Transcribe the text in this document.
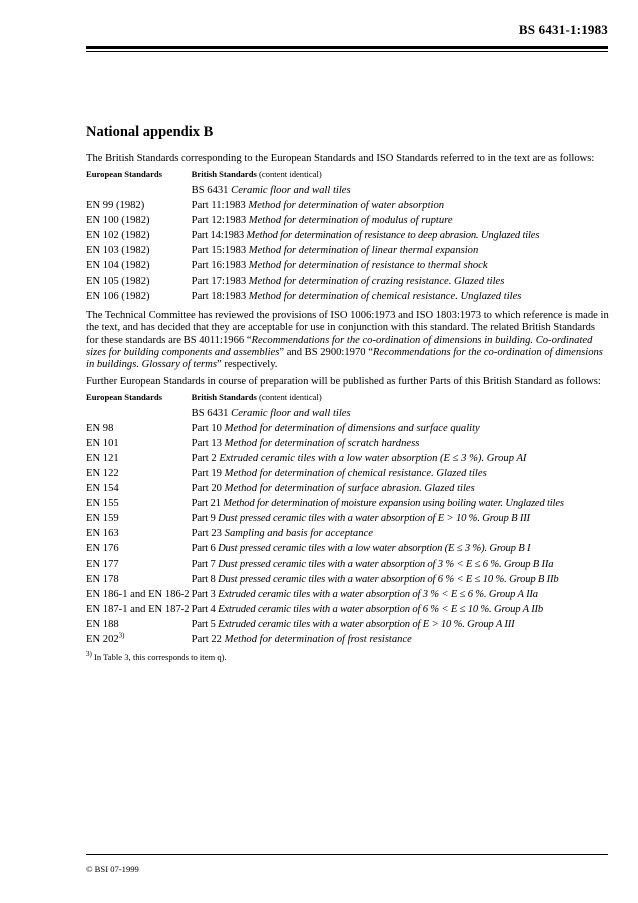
BS 6431-1:1983
National appendix B

The British Standards corresponding to the European Standards and ISO Standards referred to in the text are as follows:

European Standards	British Standards (content identical)
	BS 6431 Ceramic floor and wall tiles
EN 99 (1982)	Part 11:1983 Method for determination of water absorption
EN 100 (1982)	Part 12:1983 Method for determination of modulus of rupture
EN 102 (1982)	Part 14:1983 Method for determination of resistance to deep abrasion. Unglazed tiles
EN 103 (1982)	Part 15:1983 Method for determination of linear thermal expansion
EN 104 (1982)	Part 16:1983 Method for determination of resistance to thermal shock
EN 105 (1982)	Part 17:1983 Method for determination of crazing resistance. Glazed tiles
EN 106 (1982)	Part 18:1983 Method for determination of chemical resistance. Unglazed tiles

The Technical Committee has reviewed the provisions of ISO 1006:1973 and ISO 1803:1973 to which reference is made in the text, and has decided that they are acceptable for use in conjunction with this standard. The related British Standards for these standards are BS 4011:1966 “Recommendations for the co-ordination of dimensions in building. Co-ordinated sizes for building components and assemblies” and BS 2900:1970 “Recommendations for the co-ordination of dimensions in buildings. Glossary of terms” respectively.

Further European Standards in course of preparation will be published as further Parts of this British Standard as follows:

European Standards	British Standards (content identical)
	BS 6431 Ceramic floor and wall tiles
EN 98	Part 10 Method for determination of dimensions and surface quality
EN 101	Part 13 Method for determination of scratch hardness
EN 121	Part 2 Extruded ceramic tiles with a low water absorption (E ≤ 3 %). Group AI
EN 122	Part 19 Method for determination of chemical resistance. Glazed tiles
EN 154	Part 20 Method for determination of surface abrasion. Glazed tiles
EN 155	Part 21 Method for determination of moisture expansion using boiling water. Unglazed tiles
EN 159	Part 9 Dust pressed ceramic tiles with a water absorption of E > 10 %. Group B III
EN 163	Part 23 Sampling and basis for acceptance
EN 176	Part 6 Dust pressed ceramic tiles with a low water absorption (E ≤ 3 %). Group B I
EN 177	Part 7 Dust pressed ceramic tiles with a water absorption of 3 % < E ≤ 6 %. Group B IIa
EN 178	Part 8 Dust pressed ceramic tiles with a water absorption of 6 % < E ≤ 10 %. Group B IIb
EN 186-1 and EN 186-2	Part 3 Extruded ceramic tiles with a water absorption of 3 % < E ≤ 6 %. Group A IIa
EN 187-1 and EN 187-2	Part 4 Extruded ceramic tiles with a water absorption of 6 % < E ≤ 10 %. Group A IIb
EN 188	Part 5 Extruded ceramic tiles with a water absorption of E > 10 %. Group A III
EN 202$^{3)}$	Part 22 Method for determination of frost resistance
$^{3)}$ In Table 3, this corresponds to item q).
© BSI 07-1999
